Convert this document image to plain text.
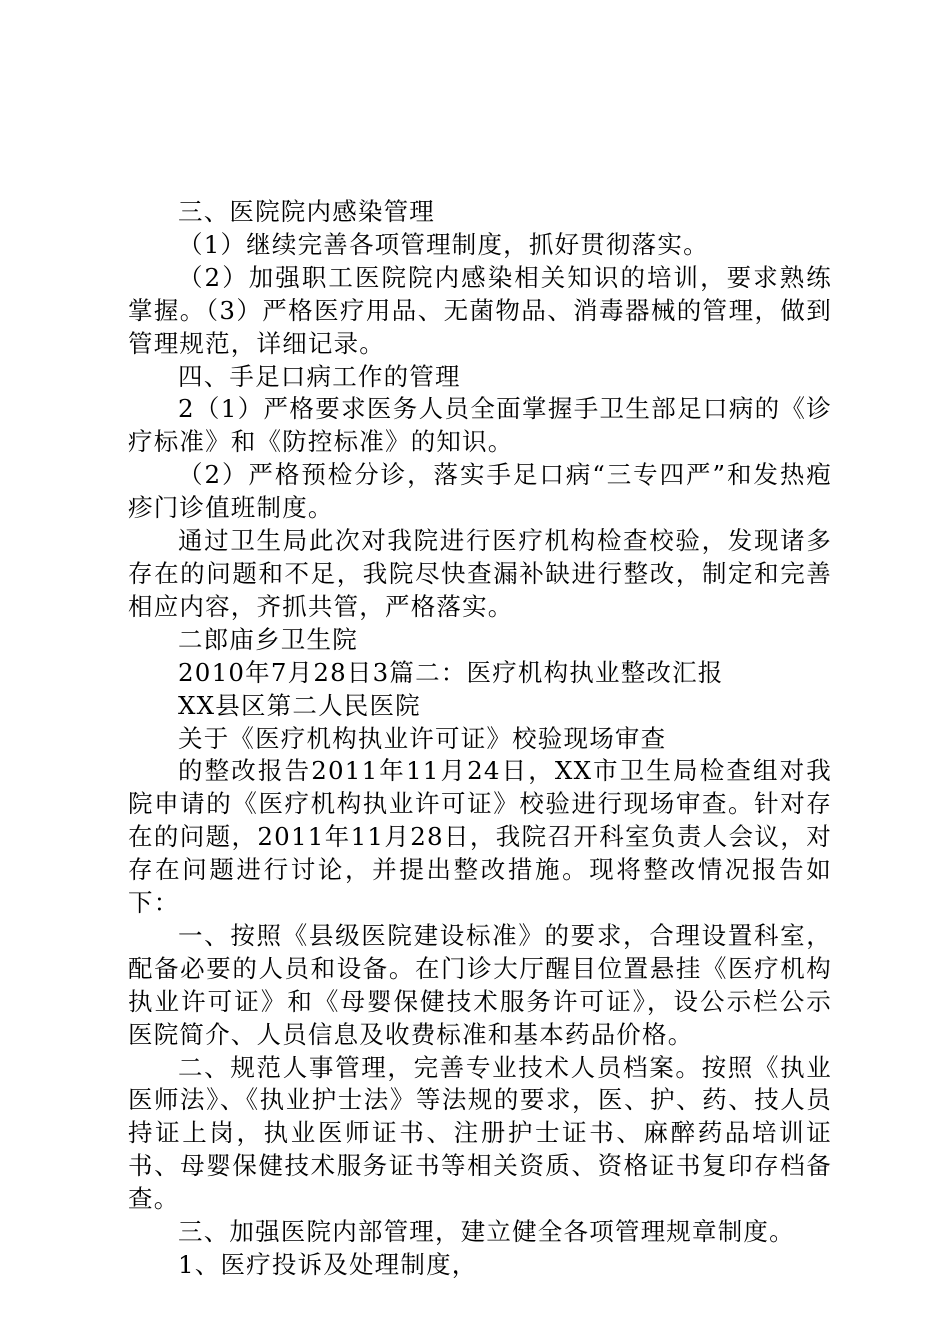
三、医院院内感染管理

（1）继续完善各项管理制度，抓好贯彻落实。

（2）加强职工医院院内感染相关知识的培训，要求熟练掌握。（3）严格医疗用品、无菌物品、消毒器械的管理，做到管理规范，详细记录。

四、手足口病工作的管理

2（1）严格要求医务人员全面掌握手卫生部足口病的《诊疗标准》和《防控标准》的知识。

（2）严格预检分诊，落实手足口病“三专四严”和发热疱疹门诊值班制度。

通过卫生局此次对我院进行医疗机构检查校验，发现诸多存在的问题和不足，我院尽快查漏补缺进行整改，制定和完善相应内容，齐抓共管，严格落实。

二郎庙乡卫生院

2010年7月28日3篇二：医疗机构执业整改汇报

XX县区第二人民医院

关于《医疗机构执业许可证》校验现场审查

的整改报告2011年11月24日，XX市卫生局检查组对我院申请的《医疗机构执业许可证》校验进行现场审查。针对存在的问题，2011年11月28日，我院召开科室负责人会议，对存在问题进行讨论，并提出整改措施。现将整改情况报告如下：

一、按照《县级医院建设标准》的要求，合理设置科室，配备必要的人员和设备。在门诊大厅醒目位置悬挂《医疗机构执业许可证》和《母婴保健技术服务许可证》，设公示栏公示医院简介、人员信息及收费标准和基本药品价格。

二、规范人事管理，完善专业技术人员档案。按照《执业医师法》、《执业护士法》等法规的要求，医、护、药、技人员持证上岗，执业医师证书、注册护士证书、麻醉药品培训证书、母婴保健技术服务证书等相关资质、资格证书复印存档备查。

三、加强医院内部管理，建立健全各项管理规章制度。

1、医疗投诉及处理制度，
